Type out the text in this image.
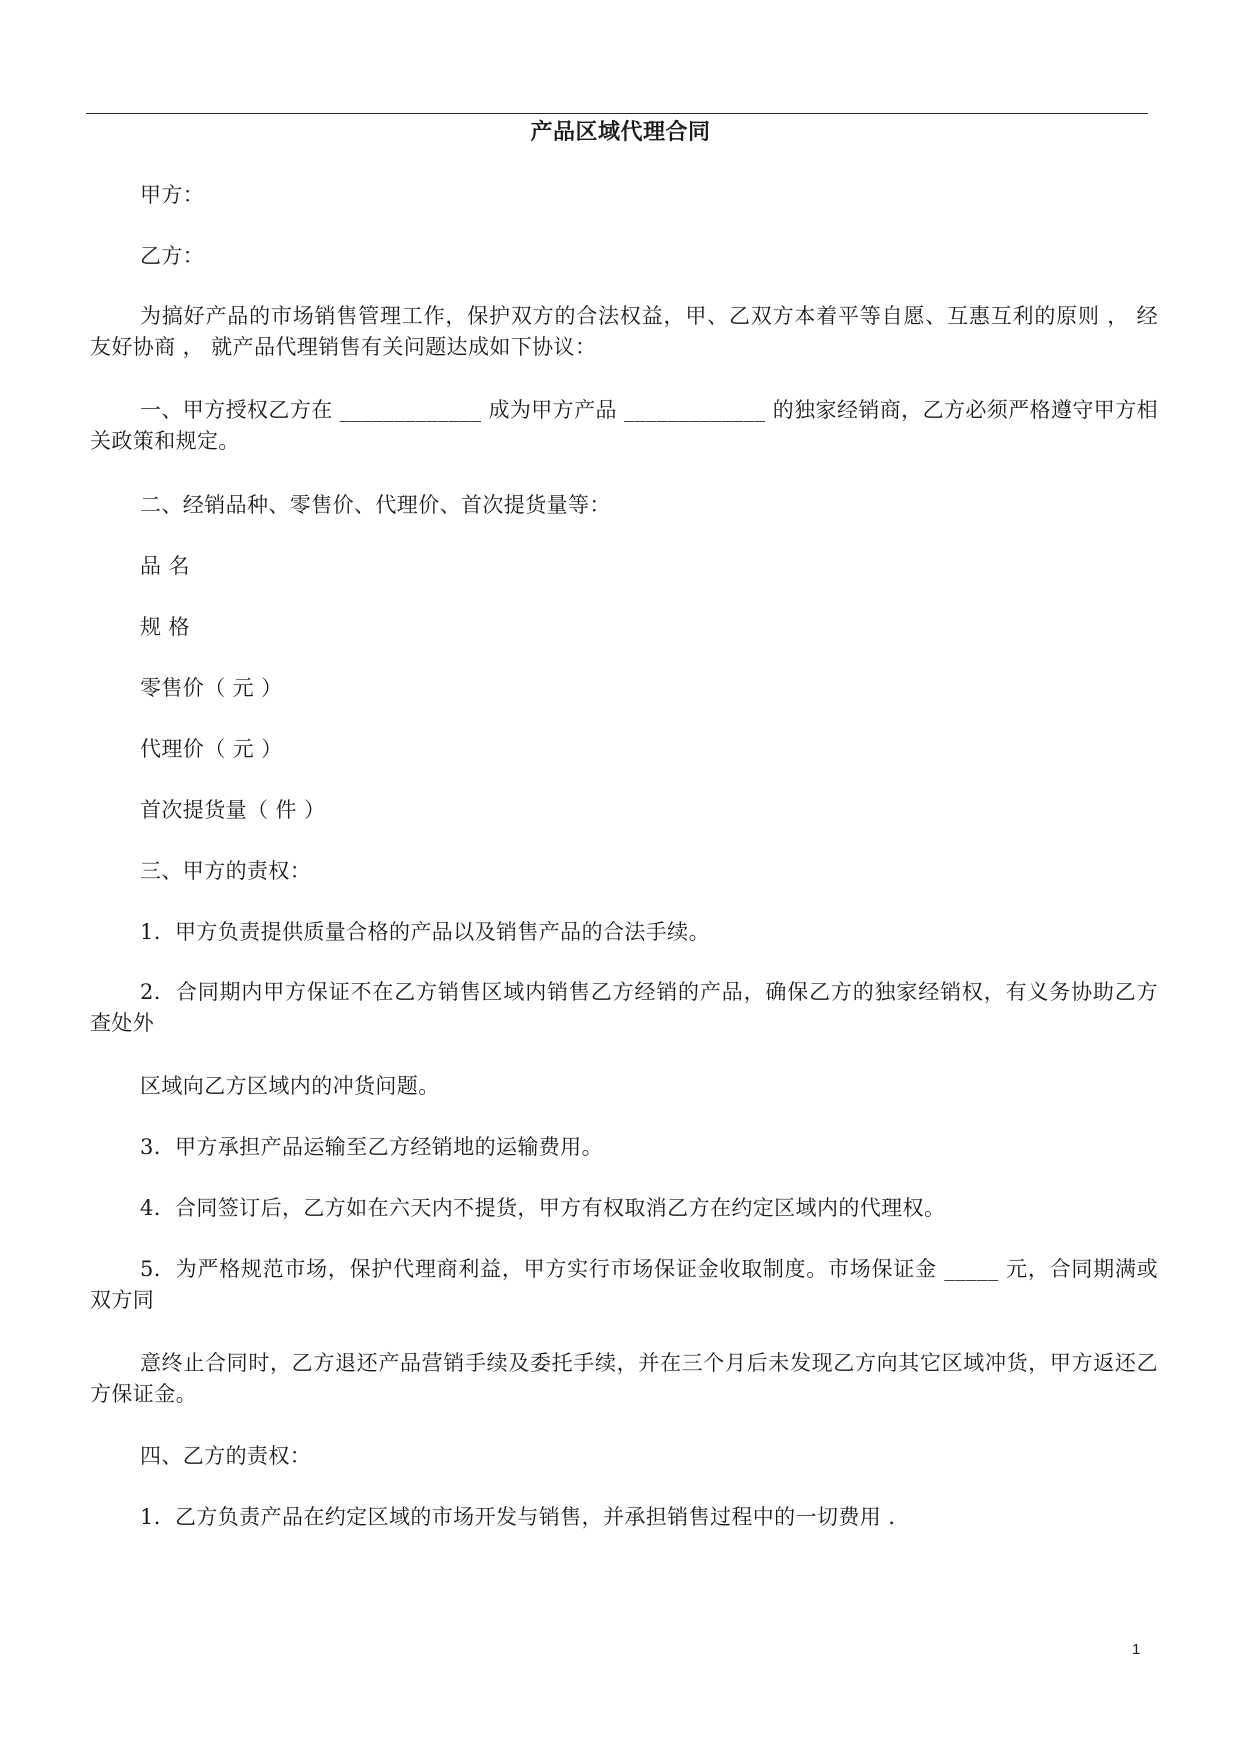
产品区域代理合同
甲方：
乙方：
为搞好产品的市场销售管理工作，保护双方的合法权益，甲、乙双方本着平等自愿、互惠互利的原则 ， 经友好协商 ， 就产品代理销售有关问题达成如下协议：
一、甲方授权乙方在 _____________ 成为甲方产品 _____________ 的独家经销商，乙方必须严格遵守甲方相关政策和规定。
二、经销品种、零售价、代理价、首次提货量等：
品 名
规 格
零售价（ 元 ）
代理价（ 元 ）
首次提货量（ 件 ）
三、甲方的责权：
1.  甲方负责提供质量合格的产品以及销售产品的合法手续。
2.  合同期内甲方保证不在乙方销售区域内销售乙方经销的产品，确保乙方的独家经销权，有义务协助乙方查处外
区域向乙方区域内的冲货问题。
3.  甲方承担产品运输至乙方经销地的运输费用。
4.  合同签订后，乙方如在六天内不提货，甲方有权取消乙方在约定区域内的代理权。
5.  为严格规范市场，保护代理商利益，甲方实行市场保证金收取制度。市场保证金 _____ 元，合同期满或双方同
意终止合同时，乙方退还产品营销手续及委托手续，并在三个月后未发现乙方向其它区域冲货，甲方返还乙方保证金。
四、乙方的责权：
1.  乙方负责产品在约定区域的市场开发与销售，并承担销售过程中的一切费用 .
1
